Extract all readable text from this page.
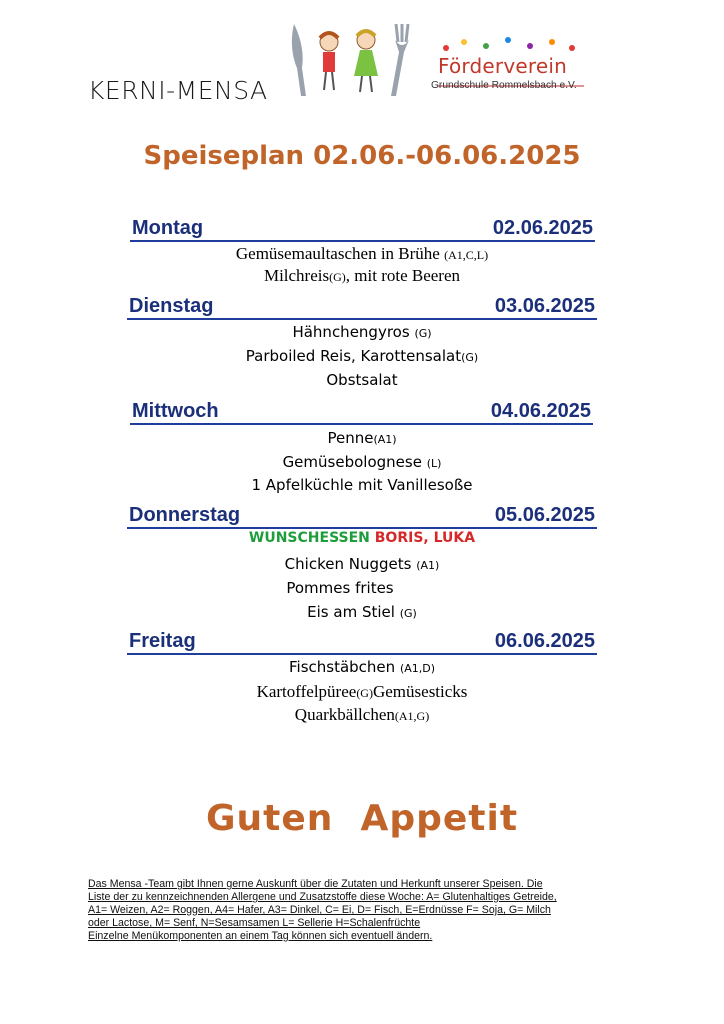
KERNI-MENSA
Förderverein
Grundschule Rommelsbach e.V.
Speiseplan 02.06.-06.06.2025
Montag	02.06.2025
Gemüsemaultaschen in Brühe (A1,C,L)
Milchreis(G), mit rote Beeren
Dienstag	03.06.2025
Hähnchengyros (G)
Parboiled Reis, Karottensalat(G)
Obstsalat
Mittwoch	04.06.2025
Penne(A1)
Gemüsebolognese (L)
1 Apfelküchle mit Vanillesoße
Donnerstag	05.06.2025
WUNSCHESSEN BORIS, LUKA
Chicken Nuggets (A1)
Pommes frites
Eis am Stiel (G)
Freitag	06.06.2025
Fischstäbchen (A1,D)
Kartoffelpüree(G)Gemüsesticks
Quarkbällchen(A1,G)
Guten  Appetit
Das Mensa -Team gibt Ihnen gerne Auskunft über die Zutaten und Herkunft unserer Speisen. Die
Liste der zu kennzeichnenden Allergene und Zusatzstoffe diese Woche: A= Glutenhaltiges Getreide,
A1= Weizen, A2= Roggen, A4= Hafer, A3= Dinkel, C= Ei, D= Fisch, E=Erdnüsse F= Soja, G= Milch
oder Lactose, M= Senf, N=Sesamsamen L= Sellerie H=Schalenfrüchte
Einzelne Menükomponenten an einem Tag können sich eventuell ändern.
